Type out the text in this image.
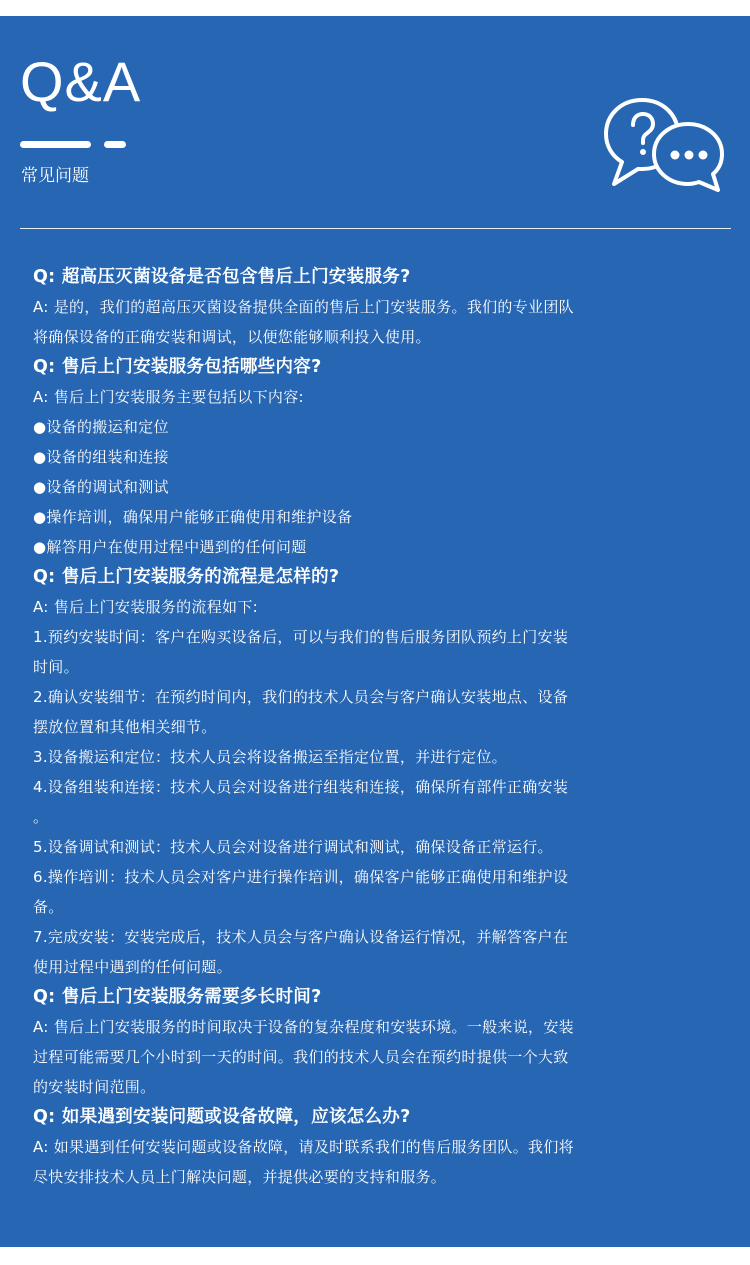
Q&A
常见问题
Q: 超高压灭菌设备是否包含售后上门安装服务?
A: 是的，我们的超高压灭菌设备提供全面的售后上门安装服务。我们的专业团队
将确保设备的正确安装和调试，以便您能够顺利投入使用。
Q: 售后上门安装服务包括哪些内容?
A: 售后上门安装服务主要包括以下内容:
●设备的搬运和定位
●设备的组装和连接
●设备的调试和测试
●操作培训，确保用户能够正确使用和维护设备
●解答用户在使用过程中遇到的任何问题
Q: 售后上门安装服务的流程是怎样的?
A: 售后上门安装服务的流程如下:
1.预约安装时间：客户在购买设备后，可以与我们的售后服务团队预约上门安装
时间。
2.确认安装细节：在预约时间内，我们的技术人员会与客户确认安装地点、设备
摆放位置和其他相关细节。
3.设备搬运和定位：技术人员会将设备搬运至指定位置，并进行定位。
4.设备组装和连接：技术人员会对设备进行组装和连接，确保所有部件正确安装
。
5.设备调试和测试：技术人员会对设备进行调试和测试，确保设备正常运行。
6.操作培训：技术人员会对客户进行操作培训，确保客户能够正确使用和维护设
备。
7.完成安装：安装完成后，技术人员会与客户确认设备运行情况，并解答客户在
使用过程中遇到的任何问题。
Q: 售后上门安装服务需要多长时间?
A: 售后上门安装服务的时间取决于设备的复杂程度和安装环境。一般来说，安装
过程可能需要几个小时到一天的时间。我们的技术人员会在预约时提供一个大致
的安装时间范围。
Q: 如果遇到安装问题或设备故障，应该怎么办?
A: 如果遇到任何安装问题或设备故障，请及时联系我们的售后服务团队。我们将
尽快安排技术人员上门解决问题，并提供必要的支持和服务。
